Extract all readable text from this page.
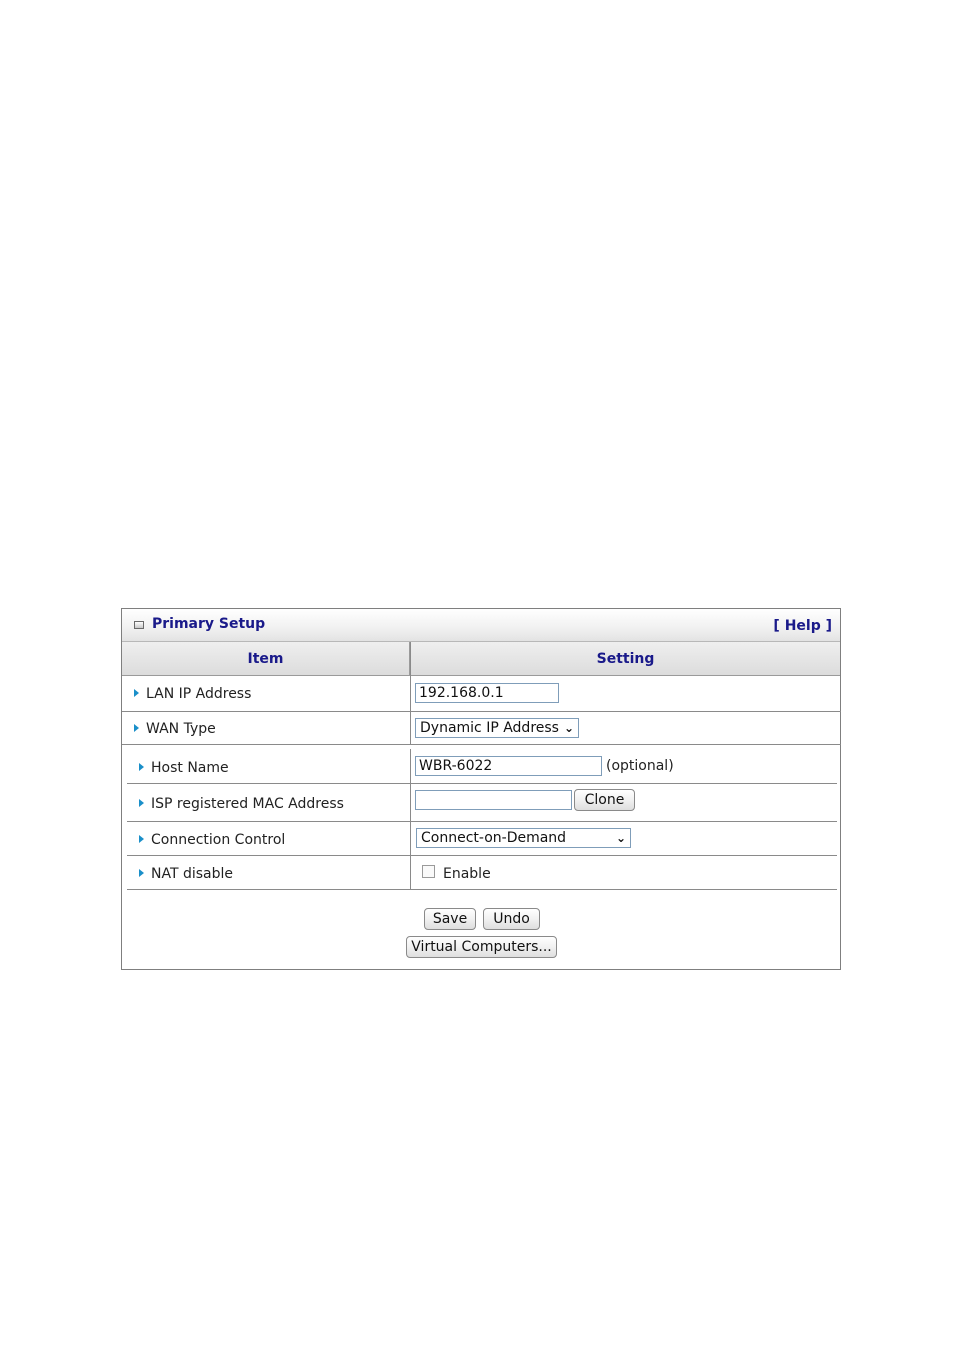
Primary Setup	[ Help ]
Item	Setting
LAN IP Address	192.168.0.1
WAN Type	Dynamic IP Address ⌄
Host Name	WBR-6022	(optional)
ISP registered MAC Address	Clone
Connection Control	Connect-on-Demand	⌄
NAT disable	Enable
Save	Undo
Virtual Computers...
